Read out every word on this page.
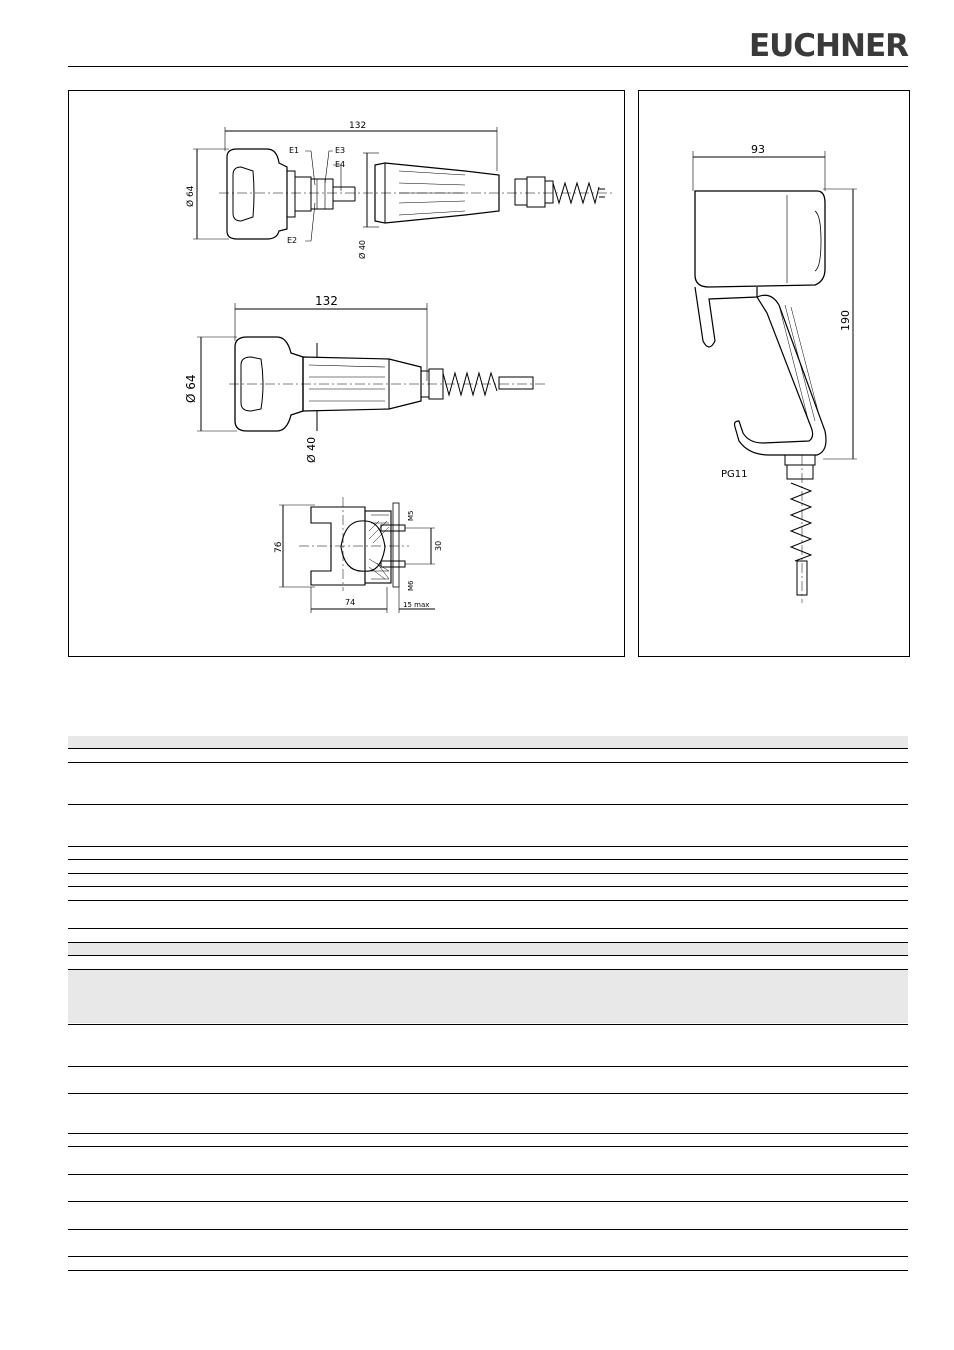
EUCHNER
132
Ø 64
E1
E2
E3
E4
Ø 40
132
Ø 64
Ø 40
76
M5
M6
30
74	15 max
93
190
PG11
